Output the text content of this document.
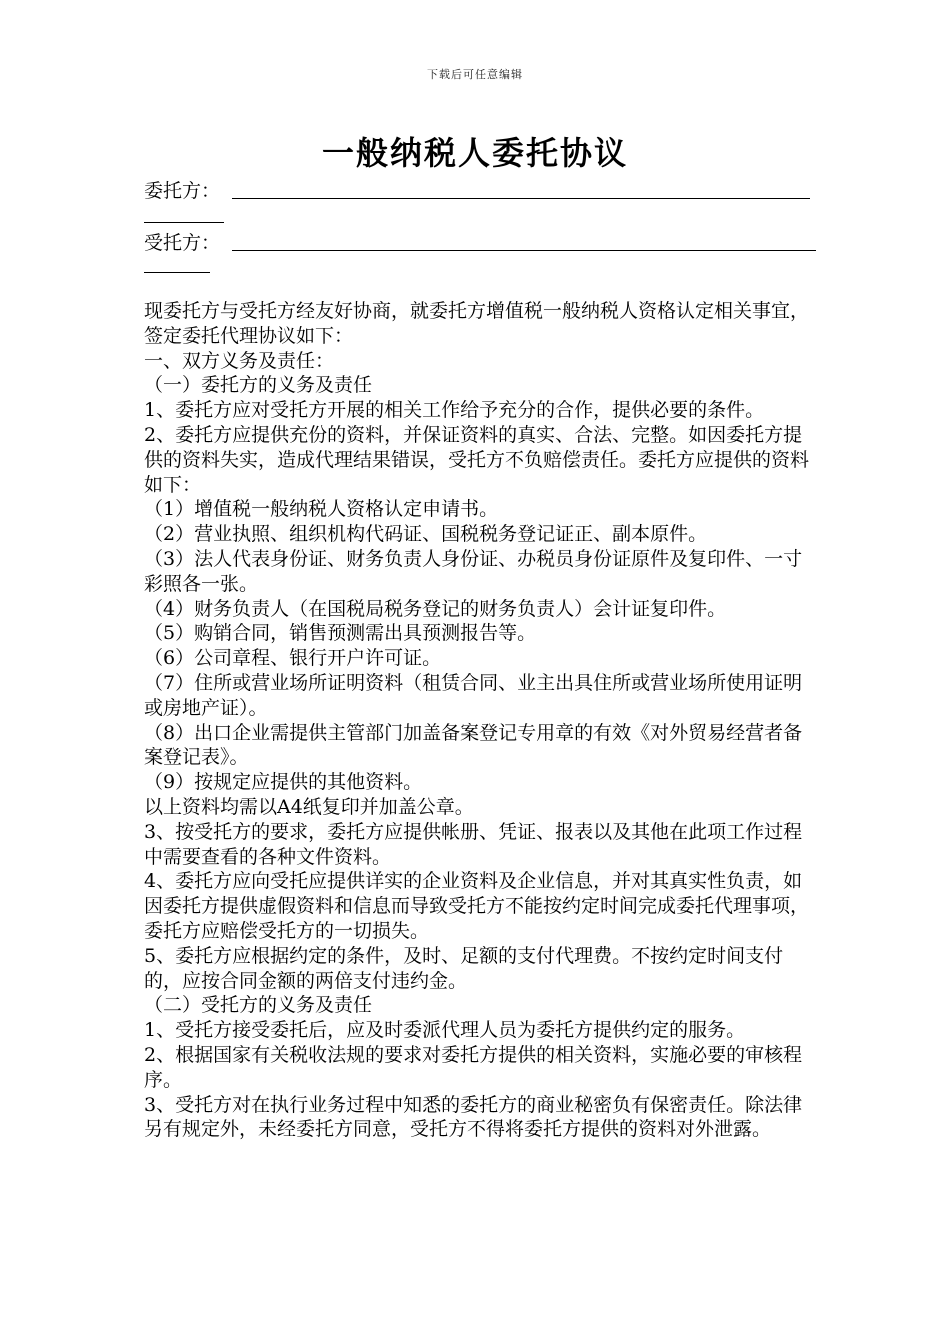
下载后可任意编辑
一般纳税人委托协议
委托方：
受托方：

现委托方与受托方经友好协商，就委托方增值税一般纳税人资格认定相关事宜，签定委托代理协议如下：

一、双方义务及责任：

（一）委托方的义务及责任

1、委托方应对受托方开展的相关工作给予充分的合作，提供必要的条件。

2、委托方应提供充份的资料，并保证资料的真实、合法、完整。如因委托方提供的资料失实，造成代理结果错误，受托方不负赔偿责任。委托方应提供的资料如下：

（1）增值税一般纳税人资格认定申请书。

（2）营业执照、组织机构代码证、国税税务登记证正、副本原件。

（3）法人代表身份证、财务负责人身份证、办税员身份证原件及复印件、一寸彩照各一张。

（4）财务负责人（在国税局税务登记的财务负责人）会计证复印件。

（5）购销合同，销售预测需出具预测报告等。

（6）公司章程、银行开户许可证。

（7）住所或营业场所证明资料（租赁合同、业主出具住所或营业场所使用证明或房地产证）。

（8）出口企业需提供主管部门加盖备案登记专用章的有效《对外贸易经营者备案登记表》。

（9）按规定应提供的其他资料。

以上资料均需以A4纸复印并加盖公章。

3、按受托方的要求，委托方应提供帐册、凭证、报表以及其他在此项工作过程中需要查看的各种文件资料。

4、委托方应向受托应提供详实的企业资料及企业信息，并对其真实性负责，如因委托方提供虚假资料和信息而导致受托方不能按约定时间完成委托代理事项，委托方应赔偿受托方的一切损失。

5、委托方应根据约定的条件，及时、足额的支付代理费。不按约定时间支付的，应按合同金额的两倍支付违约金。

（二）受托方的义务及责任

1、受托方接受委托后，应及时委派代理人员为委托方提供约定的服务。

2、根据国家有关税收法规的要求对委托方提供的相关资料，实施必要的审核程序。

3、受托方对在执行业务过程中知悉的委托方的商业秘密负有保密责任。除法律另有规定外，未经委托方同意，受托方不得将委托方提供的资料对外泄露。
